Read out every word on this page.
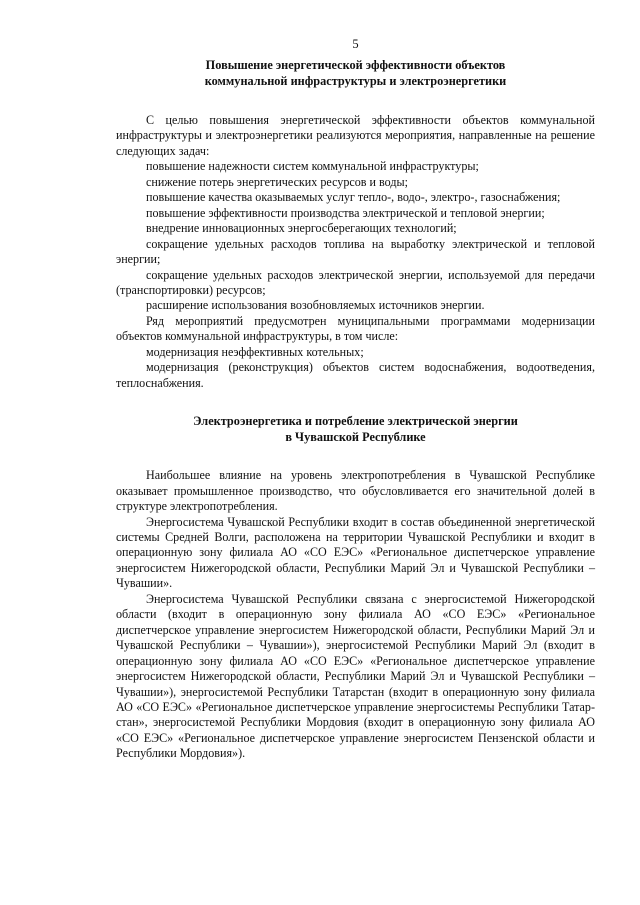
5
Повышение энергетической эффективности объектов
коммунальной инфраструктуры и электроэнергетики

С целью повышения энергетической эффективности объектов коммунальной инфраструктуры и электроэнергетики реализуются мероприятия, направленные на решение следующих задач:

повышение надежности систем коммунальной инфраструктуры;

снижение потерь энергетических ресурсов и воды;

повышение качества оказываемых услуг тепло-, водо-, электро-, газоснабжения;

повышение эффективности производства электрической и тепловой энергии;

внедрение инновационных энергосберегающих технологий;

сокращение удельных расходов топлива на выработку электрической и тепловой энергии;

сокращение удельных расходов электрической энергии, используемой для передачи (транспортировки) ресурсов;

расширение использования возобновляемых источников энергии.

Ряд мероприятий предусмотрен муниципальными программами модернизации объектов коммунальной инфраструктуры, в том числе:

модернизация неэффективных котельных;

модернизация (реконструкция) объектов систем водоснабжения, водоотведения, теплоснабжения.

Электроэнергетика и потребление электрической энергии
в Чувашской Республике

Наибольшее влияние на уровень электропотребления в Чувашской Республике оказывает промышленное производство, что обусловливается его значительной долей в структуре электропотребления.

Энергосистема Чувашской Республики входит в состав объединенной энергетической системы Средней Волги, расположена на территории Чувашской Республики и входит в операционную зону филиала АО «СО ЕЭС» «Региональное диспетчерское управление энергосистем Нижегородской области, Республики Марий Эл и Чувашской Республики – Чувашии».

Энергосистема Чувашской Республики связана с энергосистемой Нижегородской области (входит в операционную зону филиала АО «СО ЕЭС» «Региональное диспетчерское управление энергосистем Нижегородской области, Республики Марий Эл и Чувашской Республики – Чувашии»), энергосистемой Республики Марий Эл (входит в операционную зону филиала АО «СО ЕЭС» «Региональное диспетчерское управление энергосистем Нижегородской области, Республики Марий Эл и Чувашской Республики – Чувашии»), энергосистемой Республики Татарстан (входит в операционную зону филиала АО «СО ЕЭС» «Региональное диспетчерское управление энергосистемы Республики Татарстан», энергосистемой Республики Мордовия (входит в операционную зону филиала АО «СО ЕЭС» «Региональное диспетчерское управление энергосистем Пензенской области и Республики Мордовия»).
